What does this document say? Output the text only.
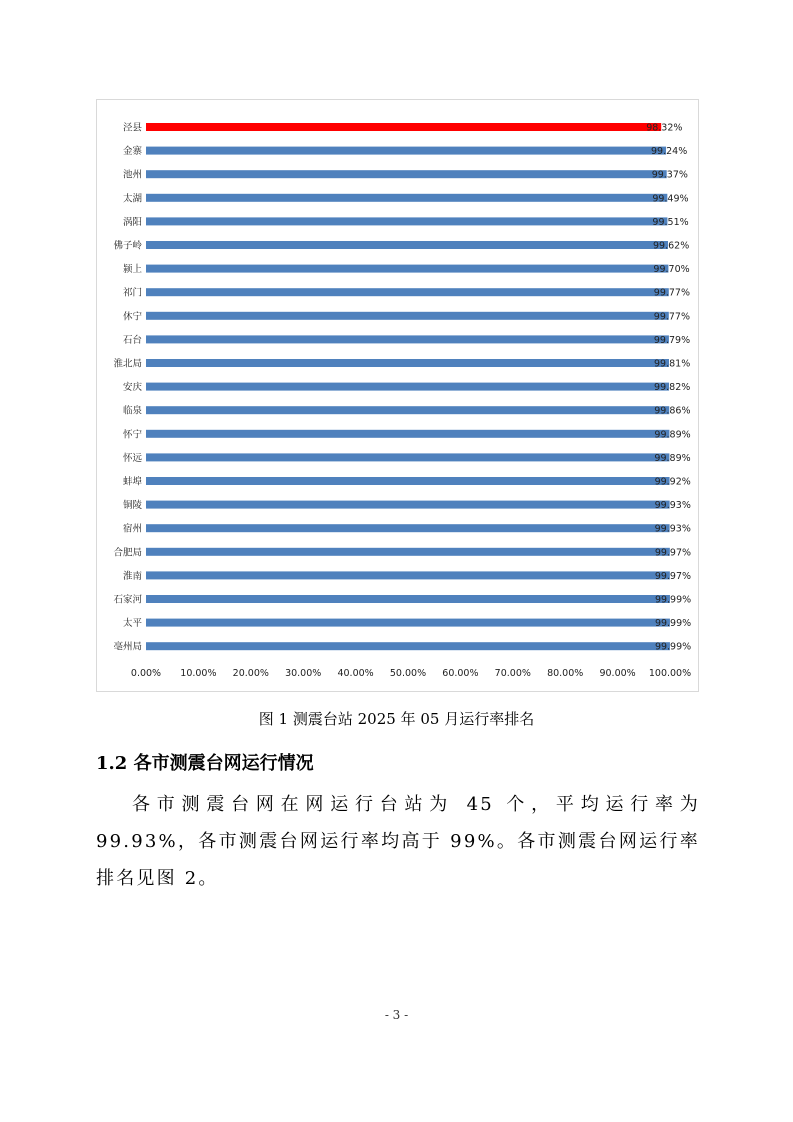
泾县	98.32%
金寨	99.24%
池州	99.37%
太湖	99.49%
涡阳	99.51%
佛子岭	99.62%
颍上	99.70%
祁门	99.77%
休宁	99.77%
石台	99.79%
淮北局	99.81%
安庆	99.82%
临泉	99.86%
怀宁	99.89%
怀远	99.89%
蚌埠	99.92%
铜陵	99.93%
宿州	99.93%
合肥局	99.97%
淮南	99.97%
石家河	99.99%
太平	99.99%
亳州局	99.99%
0.00% 10.00% 20.00% 30.00% 40.00% 50.00% 60.00% 70.00% 80.00% 90.00% 100.00%
图 1 测震台站 2025 年 05 月运行率排名
1.2 各市测震台网运行情况

各市测震台网在网运行台站为 45 个，平均运行率为 99.93%，各市测震台网运行率均高于 99%。各市测震台网运行率排名见图 2。

- 3 -
